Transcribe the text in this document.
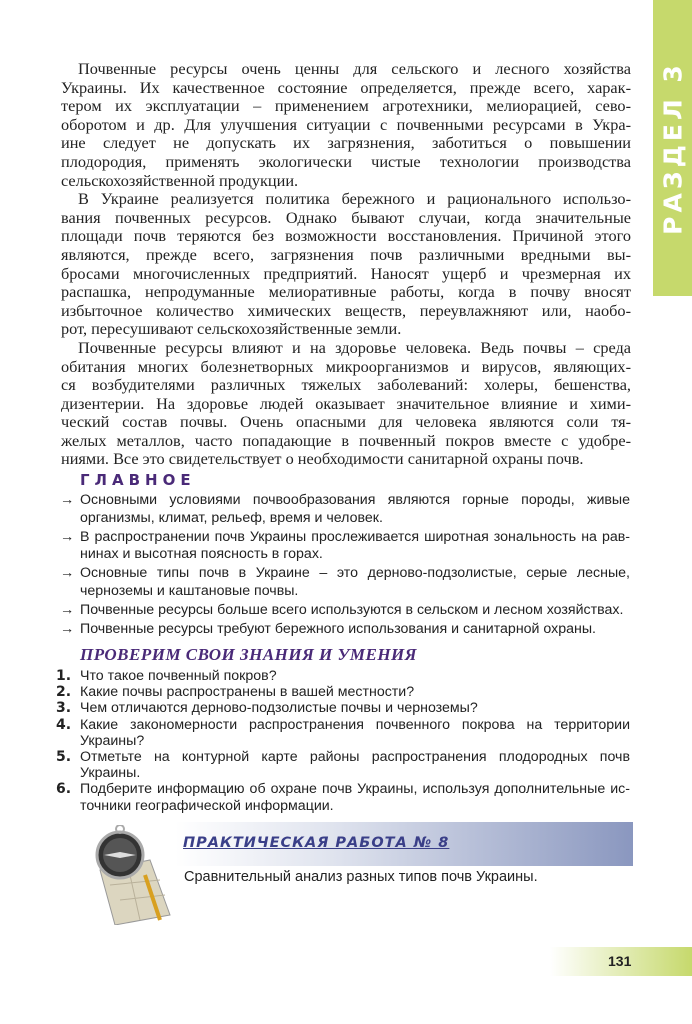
РАЗДЕЛ 3
Почвенные ресурсы очень ценны для сельского и лесного хозяйства
Украины. Их качественное состояние определяется, прежде всего, харак-
тером их эксплуатации – применением агротехники, мелиорацией, сево-
оборотом и др. Для улучшения ситуации с почвенными ресурсами в Укра-
ине следует не допускать их загрязнения, заботиться о повышении
плодородия, применять экологически чистые технологии производства
сельскохозяйственной продукции.
В Украине реализуется политика бережного и рационального использо-
вания почвенных ресурсов. Однако бывают случаи, когда значительные
площади почв теряются без возможности восстановления. Причиной этого
являются, прежде всего, загрязнения почв различными вредными вы-
бросами многочисленных предприятий. Наносят ущерб и чрезмерная их
распашка, непродуманные мелиоративные работы, когда в почву вносят
избыточное количество химических веществ, переувлажняют или, наобо-
рот, пересушивают сельскохозяйственные земли.
Почвенные ресурсы влияют и на здоровье человека. Ведь почвы – среда
обитания многих болезнетворных микроорганизмов и вирусов, являющих-
ся возбудителями различных тяжелых заболеваний: холеры, бешенства,
дизентерии. На здоровье людей оказывает значительное влияние и хими-
ческий состав почвы. Очень опасными для человека являются соли тя-
желых металлов, часто попадающие в почвенный покров вместе с удобре-
ниями. Все это свидетельствует о необходимости санитарной охраны почв.
ГЛАВНОЕ
→ Основными условиями почвообразования являются горные породы, живые
организмы, климат, рельеф, время и человек.
→ В распространении почв Украины прослеживается широтная зональность на рав-
нинах и высотная поясность в горах.
→ Основные типы почв в Украине – это дерново-подзолистые, серые лесные,
черноземы и каштановые почвы.
→ Почвенные ресурсы больше всего используются в сельском и лесном хозяйствах.
→ Почвенные ресурсы требуют бережного использования и санитарной охраны.
ПРОВЕРИМ СВОИ ЗНАНИЯ И УМЕНИЯ
1. Что такое почвенный покров?
2. Какие почвы распространены в вашей местности?
3. Чем отличаются дерново-подзолистые почвы и черноземы?
4. Какие закономерности распространения почвенного покрова на территории
Украины?
5. Отметьте на контурной карте районы распространения плодородных почв
Украины.
6. Подберите информацию об охране почв Украины, используя дополнительные ис-
точники географической информации.
ПРАКТИЧЕСКАЯ РАБОТА № 8
Сравнительный анализ разных типов почв Украины.
131
